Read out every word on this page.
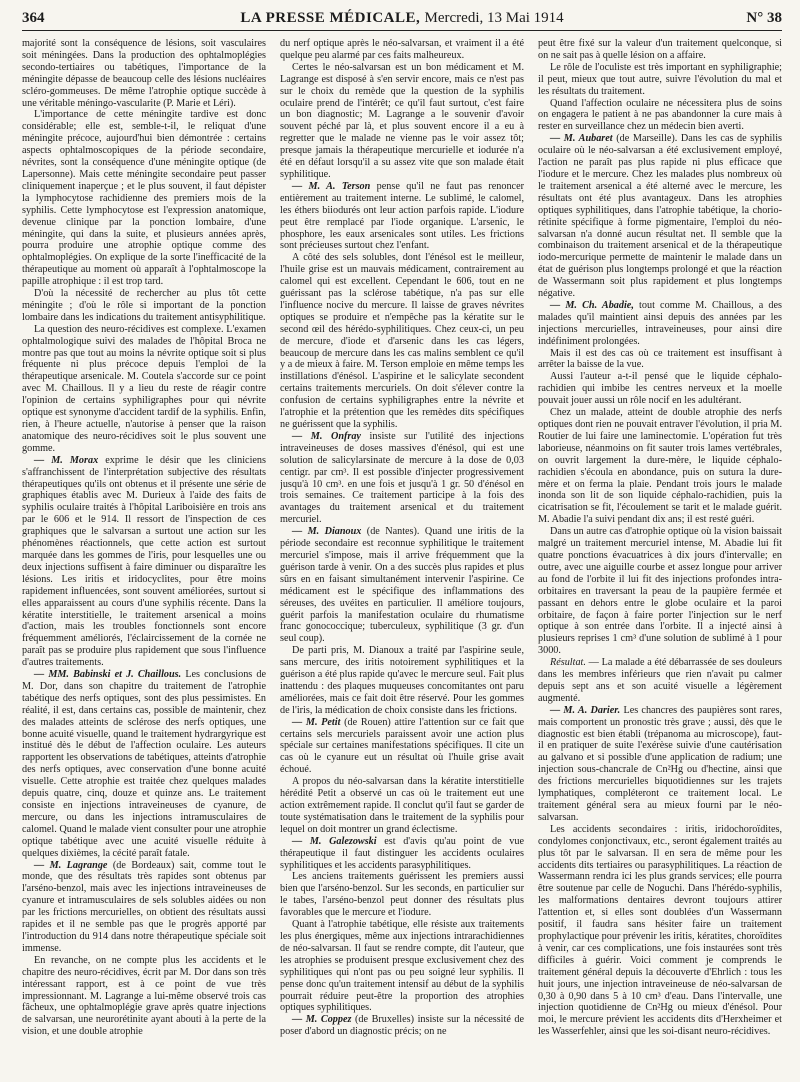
364	LA PRESSE MÉDICALE, Mercredi, 13 Mai 1914	N° 38

majorité sont la conséquence de lésions, soit vasculaires soit méningées. Dans la production des ophtalmoplégies secondo-tertiaires ou tabétiques, l'importance de la méningite dépasse de beaucoup celle des lésions nucléaires scléro-gommeuses. De même l'atrophie optique succède à une véritable méningo-vascularite (P. Marie et Léri).

L'importance de cette méningite tardive est donc considérable; elle est, semble-t-il, le reliquat d'une méningite précoce, aujourd'hui bien démontrée : certains aspects ophtalmoscopiques de la période secondaire, névrites, sont la conséquence d'une méningite optique (de Lapersonne). Mais cette méningite secondaire peut passer cliniquement inaperçue ; et le plus souvent, il faut dépister la lymphocytose rachidienne des premiers mois de la syphilis. Cette lymphocytose est l'expression anatomique, devenue clinique par la ponction lombaire, d'une méningite, qui dans la suite, et plusieurs années après, pourra produire une atrophie optique comme des ophtalmoplégies. On explique de la sorte l'inefficacité de la thérapeutique au moment où apparaît à l'ophtalmoscope la papille atrophique : il est trop tard.

D'où la nécessité de rechercher au plus tôt cette méningite ; d'où le rôle si important de la ponction lombaire dans les indications du traitement antisyphilitique.

La question des neuro-récidives est complexe. L'examen ophtalmologique suivi des malades de l'hôpital Broca ne montre pas que tout au moins la névrite optique soit si plus fréquente ni plus précoce depuis l'emploi de la thérapeutique arsenicale. M. Coutela s'accorde sur ce point avec M. Chaillous. Il y a lieu du reste de réagir contre l'opinion de certains syphiligraphes pour qui névrite optique est synonyme d'accident tardif de la syphilis. Enfin, rien, à l'heure actuelle, n'autorise à penser que la raison anatomique des neuro-récidives soit le plus souvent une gomme.

— M. Morax exprime le désir que les cliniciens s'affranchissent de l'interprétation subjective des résultats thérapeutiques qu'ils ont obtenus et il présente une série de graphiques établis avec M. Durieux à l'aide des faits de syphilis oculaire traités à l'hôpital Lariboisière en trois ans par le 606 et le 914. Il ressort de l'inspection de ces graphiques que le salvarsan a surtout une action sur les phénomènes réactionnels, que cette action est surtout marquée dans les gommes de l'iris, pour lesquelles une ou deux injections suffisent à faire diminuer ou disparaître les lésions. Les iritis et iridocyclites, pour être moins rapidement influencées, sont souvent améliorées, surtout si elles apparaissent au cours d'une syphilis récente. Dans la kératite interstitielle, le traitement arsenical a moins d'action, mais les troubles fonctionnels sont encore fréquemment améliorés, l'éclaircissement de la cornée ne paraît pas se produire plus rapidement que sous l'influence d'autres traitements.

— MM. Babinski et J. Chaillous. Les conclusions de M. Dor, dans son chapitre du traitement de l'atrophie tabétique des nerfs optiques, sont des plus pessimistes. En réalité, il est, dans certains cas, possible de maintenir, chez des malades atteints de sclérose des nerfs optiques, une bonne acuité visuelle, quand le traitement hydrargyrique est institué dès le début de l'affection oculaire. Les auteurs rapportent les observations de tabétiques, atteints d'atrophie des nerfs optiques, avec conservation d'une bonne acuité visuelle. Cette atrophie est traitée chez quelques malades depuis quatre, cinq, douze et quinze ans. Le traitement consiste en injections intraveineuses de cyanure, de mercure, ou dans les injections intramusculaires de calomel. Quand le malade vient consulter pour une atrophie optique tabétique avec une acuité visuelle réduite à quelques dixièmes, la cécité paraît fatale.

— M. Lagrange (de Bordeaux) sait, comme tout le monde, que des résultats très rapides sont obtenus par l'arséno-benzol, mais avec les injections intraveineuses de cyanure et intramusculaires de sels solubles aidées ou non par les frictions mercurielles, on obtient des résultats aussi rapides et il ne semble pas que le progrès apporté par l'introduction du 914 dans notre thérapeutique spéciale soit immense.

En revanche, on ne compte plus les accidents et le chapitre des neuro-récidives, écrit par M. Dor dans son très intéressant rapport, est à ce point de vue très impressionnant. M. Lagrange a lui-même observé trois cas fâcheux, une ophtalmoplégie grave après quatre injections de salvarsan, une neurorétinite ayant abouti à la perte de la vision, et une double atrophie

du nerf optique après le néo-salvarsan, et vraiment il a été quelque peu alarmé par ces faits malheureux.

Certes le néo-salvarsan est un bon médicament et M. Lagrange est disposé à s'en servir encore, mais ce n'est pas sur le choix du remède que la question de la syphilis oculaire prend de l'intérêt; ce qu'il faut surtout, c'est faire un bon diagnostic; M. Lagrange a le souvenir d'avoir souvent péché par là, et plus souvent encore il a eu à regretter que le malade ne vienne pas le voir assez tôt; presque jamais la thérapeutique mercurielle et iodurée n'a été en défaut lorsqu'il a su assez vite que son malade était syphilitique.

— M. A. Terson pense qu'il ne faut pas renoncer entièrement au traitement interne. Le sublimé, le calomel, les éthers biiodurés ont leur action parfois rapide. L'iodure peut être remplacé par l'iode organique. L'arsenic, le phosphore, les eaux arsenicales sont utiles. Les frictions sont précieuses surtout chez l'enfant.

A côté des sels solubles, dont l'énésol est le meilleur, l'huile grise est un mauvais médicament, contrairement au calomel qui est excellent. Cependant le 606, tout en ne guérissant pas la sclérose tabétique, n'a pas sur elle l'influence nocive du mercure. Il laisse de graves névrites optiques se produire et n'empêche pas la kératite sur le second œil des hérédo-syphilitiques. Chez ceux-ci, un peu de mercure, d'iode et d'arsenic dans les cas légers, beaucoup de mercure dans les cas malins semblent ce qu'il y a de mieux à faire. M. Terson emploie en même temps les instillations d'énésol. L'aspirine et le salicylate secondent certains traitements mercuriels. On doit s'élever contre la confusion de certains syphiligraphes entre la névrite et l'atrophie et la prétention que les remèdes dits spécifiques ne guérissent que la syphilis.

— M. Onfray insiste sur l'utilité des injections intraveineuses de doses massives d'énésol, qui est une solution de salicylarsinate de mercure à la dose de 0,03 centigr. par cm³. Il est possible d'injecter progressivement jusqu'à 10 cm³. en une fois et jusqu'à 1 gr. 50 d'énésol en trois semaines. Ce traitement participe à la fois des avantages du traitement arsenical et du traitement mercuriel.

— M. Dianoux (de Nantes). Quand une iritis de la période secondaire est reconnue syphilitique le traitement mercuriel s'impose, mais il arrive fréquemment que la guérison tarde à venir. On a des succès plus rapides et plus sûrs en en faisant simultanément intervenir l'aspirine. Ce médicament est le spécifique des inflammations des séreuses, des uvéites en particulier. Il améliore toujours, guérit parfois la manifestation oculaire du rhumatisme franc gonococcique; tuberculeux, syphilitique (3 gr. d'un seul coup).

De parti pris, M. Dianoux a traité par l'aspirine seule, sans mercure, des iritis notoirement syphilitiques et la guérison a été plus rapide qu'avec le mercure seul. Fait plus inattendu : des plaques muqueuses concomitantes ont paru améliorées, mais ce fait doit être réservé. Pour les gommes de l'iris, la médication de choix consiste dans les frictions.

— M. Petit (de Rouen) attire l'attention sur ce fait que certains sels mercuriels paraissent avoir une action plus spéciale sur certaines manifestations spécifiques. Il cite un cas où le cyanure eut un résultat où l'huile grise avait échoué.

A propos du néo-salvarsan dans la kératite interstitielle hérédité Petit a observé un cas où le traitement eut une action extrêmement rapide. Il conclut qu'il faut se garder de toute systématisation dans le traitement de la syphilis pour lequel on doit montrer un grand éclectisme.

— M. Galezowski est d'avis qu'au point de vue thérapeutique il faut distinguer les accidents oculaires syphilitiques et les accidents parasyphilitiques.

Les anciens traitements guérissent les premiers aussi bien que l'arséno-benzol. Sur les seconds, en particulier sur le tabes, l'arséno-benzol peut donner des résultats plus favorables que le mercure et l'iodure.

Quant à l'atrophie tabétique, elle résiste aux traitements les plus énergiques, même aux injections intrarachidiennes de néo-salvarsan. Il faut se rendre compte, dit l'auteur, que les atrophies se produisent presque exclusivement chez des syphilitiques qui n'ont pas ou peu soigné leur syphilis. Il pense donc qu'un traitement intensif au début de la syphilis pourrait réduire peut-être la proportion des atrophies optiques syphilitiques.

— M. Coppez (de Bruxelles) insiste sur la nécessité de poser d'abord un diagnostic précis; on ne

peut être fixé sur la valeur d'un traitement quelconque, si on ne sait pas à quelle lésion on a affaire.

Le rôle de l'oculiste est très important en syphiligraphie; il peut, mieux que tout autre, suivre l'évolution du mal et les résultats du traitement.

Quand l'affection oculaire ne nécessitera plus de soins on engagera le patient à ne pas abandonner la cure mais à rester en surveillance chez un médecin bien averti.

— M. Aubaret (de Marseille). Dans les cas de syphilis oculaire où le néo-salvarsan a été exclusivement employé, l'action ne paraît pas plus rapide ni plus efficace que l'iodure et le mercure. Chez les malades plus nombreux où le traitement arsenical a été alterné avec le mercure, les résultats ont été plus avantageux. Dans les atrophies optiques syphilitiques, dans l'atrophie tabétique, la chorio-rétinite spécifique à forme pigmentaire, l'emploi du néo-salvarsan n'a donné aucun résultat net. Il semble que la combinaison du traitement arsenical et de la thérapeutique iodo-mercurique permette de maintenir le malade dans un état de guérison plus longtemps prolongé et que la réaction de Wassermann soit plus rapidement et plus longtemps négative.

— M. Ch. Abadie, tout comme M. Chaillous, a des malades qu'il maintient ainsi depuis des années par les injections mercurielles, intraveineuses, pour ainsi dire indéfiniment prolongées.

Mais il est des cas où ce traitement est insuffisant à arrêter la baisse de la vue.

Aussi l'auteur a-t-il pensé que le liquide céphalo-rachidien qui imbibe les centres nerveux et la moelle pouvait jouer aussi un rôle nocif en les adultérant.

Chez un malade, atteint de double atrophie des nerfs optiques dont rien ne pouvait entraver l'évolution, il pria M. Routier de lui faire une laminectomie. L'opération fut très laborieuse, néanmoins on fit sauter trois lames vertébrales, on ouvrit largement la dure-mère, le liquide céphalo-rachidien s'écoula en abondance, puis on sutura la dure-mère et on ferma la plaie. Pendant trois jours le malade inonda son lit de son liquide céphalo-rachidien, puis la cicatrisation se fit, l'écoulement se tarit et le malade guérit. M. Abadie l'a suivi pendant dix ans; il est resté guéri.

Dans un autre cas d'atrophie optique où la vision baissait malgré un traitement mercuriel intense, M. Abadie lui fit quatre ponctions évacuatrices à dix jours d'intervalle; en outre, avec une aiguille courbe et assez longue pour arriver au fond de l'orbite il lui fit des injections profondes intra-orbitaires en traversant la peau de la paupière fermée et passant en dehors entre le globe oculaire et la paroi orbitaire, de façon à faire porter l'injection sur le nerf optique à son entrée dans l'orbite. Il a injecté ainsi à plusieurs reprises 1 cm³ d'une solution de sublimé à 1 pour 3000.

Résultat. — La malade a été débarrassée de ses douleurs dans les membres inférieurs que rien n'avait pu calmer depuis sept ans et son acuité visuelle a légèrement augmenté.

— M. A. Darier. Les chancres des paupières sont rares, mais comportent un pronostic très grave ; aussi, dès que le diagnostic est bien établi (trépanoma au microscope), faut-il en pratiquer de suite l'exérèse suivie d'une cautérisation au galvano et si possible d'une application de radium; une injection sous-chancrale de Cn²Hg ou d'hectine, ainsi que des frictions mercurielles biquotidiennes sur les trajets lymphatiques, compléteront ce traitement local. Le traitement général sera au mieux fourni par le néo-salvarsan.

Les accidents secondaires : iritis, iridochoroïdites, condylomes conjonctivaux, etc., seront également traités au plus tôt par le salvarsan. Il en sera de même pour les accidents dits tertiaires ou parasyphilitiques. La réaction de Wassermann rendra ici les plus grands services; elle pourra être soutenue par celle de Noguchi. Dans l'hérédo-syphilis, les malformations dentaires devront toujours attirer l'attention et, si elles sont doublées d'un Wassermann positif, il faudra sans hésiter faire un traitement prophylactique pour prévenir les iritis, kératites, choroïdites à venir, car ces complications, une fois instaurées sont très difficiles à guérir. Voici comment je comprends le traitement général depuis la découverte d'Ehrlich : tous les huit jours, une injection intraveineuse de néo-salvarsan de 0,30 à 0,90 dans 5 à 10 cm³ d'eau. Dans l'intervalle, une injection quotidienne de Cn²Hg ou mieux d'énésol. Pour moi, le mercure prévient les accidents dits d'Herxheimer et les Wasserfehler, ainsi que les soi-disant neuro-récidives.
